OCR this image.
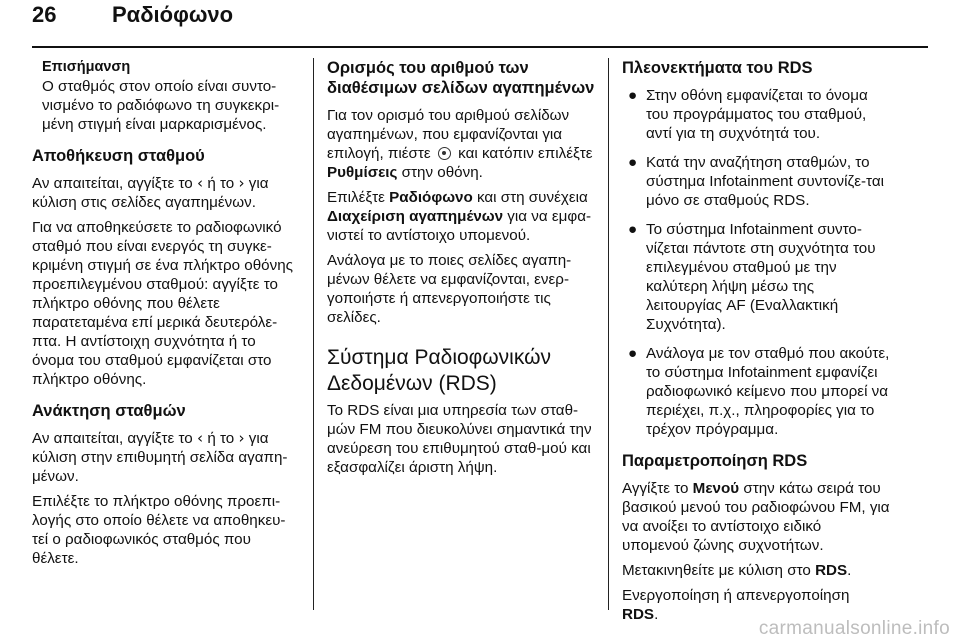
26	Ραδιόφωνο
Επισήμανση

Ο σταθμός στον οποίο είναι συντο-νισμένο το ραδιόφωνο τη συγκεκρι-μένη στιγμή είναι μαρκαρισμένος.

Αποθήκευση σταθμού

Αν απαιτείται, αγγίξτε το ‹ ή το › για κύλιση στις σελίδες αγαπημένων.

Για να αποθηκεύσετε το ραδιοφωνικό σταθμό που είναι ενεργός τη συγκε-κριμένη στιγμή σε ένα πλήκτρο οθόνης προεπιλεγμένου σταθμού: αγγίξτε το πλήκτρο οθόνης που θέλετε παρατεταμένα επί μερικά δευτερόλε-πτα. Η αντίστοιχη συχνότητα ή το όνομα του σταθμού εμφανίζεται στο πλήκτρο οθόνης.

Ανάκτηση σταθμών

Αν απαιτείται, αγγίξτε το ‹ ή το › για κύλιση στην επιθυμητή σελίδα αγαπη-μένων.

Επιλέξτε το πλήκτρο οθόνης προεπι-λογής στο οποίο θέλετε να αποθηκευ-τεί ο ραδιοφωνικός σταθμός που θέλετε.

Ορισμός του αριθμού των διαθέσιμων σελίδων αγαπημένων

Για τον ορισμό του αριθμού σελίδων αγαπημένων, που εμφανίζονται για επιλογή, πιέστε και κατόπιν επιλέξτε Ρυθμίσεις στην οθόνη.

Επιλέξτε Ραδιόφωνο και στη συνέχεια Διαχείριση αγαπημένων για να εμφα-νιστεί το αντίστοιχο υπομενού.

Ανάλογα με το ποιες σελίδες αγαπη-μένων θέλετε να εμφανίζονται, ενερ-γοποιήστε ή απενεργοποιήστε τις σελίδες.

Σύστημα Ραδιοφωνικών Δεδομένων (RDS)

Το RDS είναι μια υπηρεσία των σταθ-μών FM που διευκολύνει σημαντικά την ανεύρεση του επιθυμητού σταθ-μού και εξασφαλίζει άριστη λήψη.

Πλεονεκτήματα του RDS
● Στην οθόνη εμφανίζεται το όνομα του προγράμματος του σταθμού, αντί για τη συχνότητά του.
● Κατά την αναζήτηση σταθμών, το σύστημα Infotainment συντονίζε-ται μόνο σε σταθμούς RDS.
● Το σύστημα Infotainment συντο-νίζεται πάντοτε στη συχνότητα του επιλεγμένου σταθμού με την καλύτερη λήψη μέσω της λειτουργίας AF (Εναλλακτική Συχνότητα).
● Ανάλογα με τον σταθμό που ακούτε, το σύστημα Infotainment εμφανίζει ραδιοφωνικό κείμενο που μπορεί να περιέχει, π.χ., πληροφορίες για το τρέχον πρόγραμμα.
Παραμετροποίηση RDS

Αγγίξτε το Μενού στην κάτω σειρά του βασικού μενού του ραδιοφώνου FM, για να ανοίξει το αντίστοιχο ειδικό υπομενού ζώνης συχνοτήτων.

Μετακινηθείτε με κύλιση στο RDS.

Ενεργοποίηση ή απενεργοποίηση
RDS.

carmanualsonline.info
